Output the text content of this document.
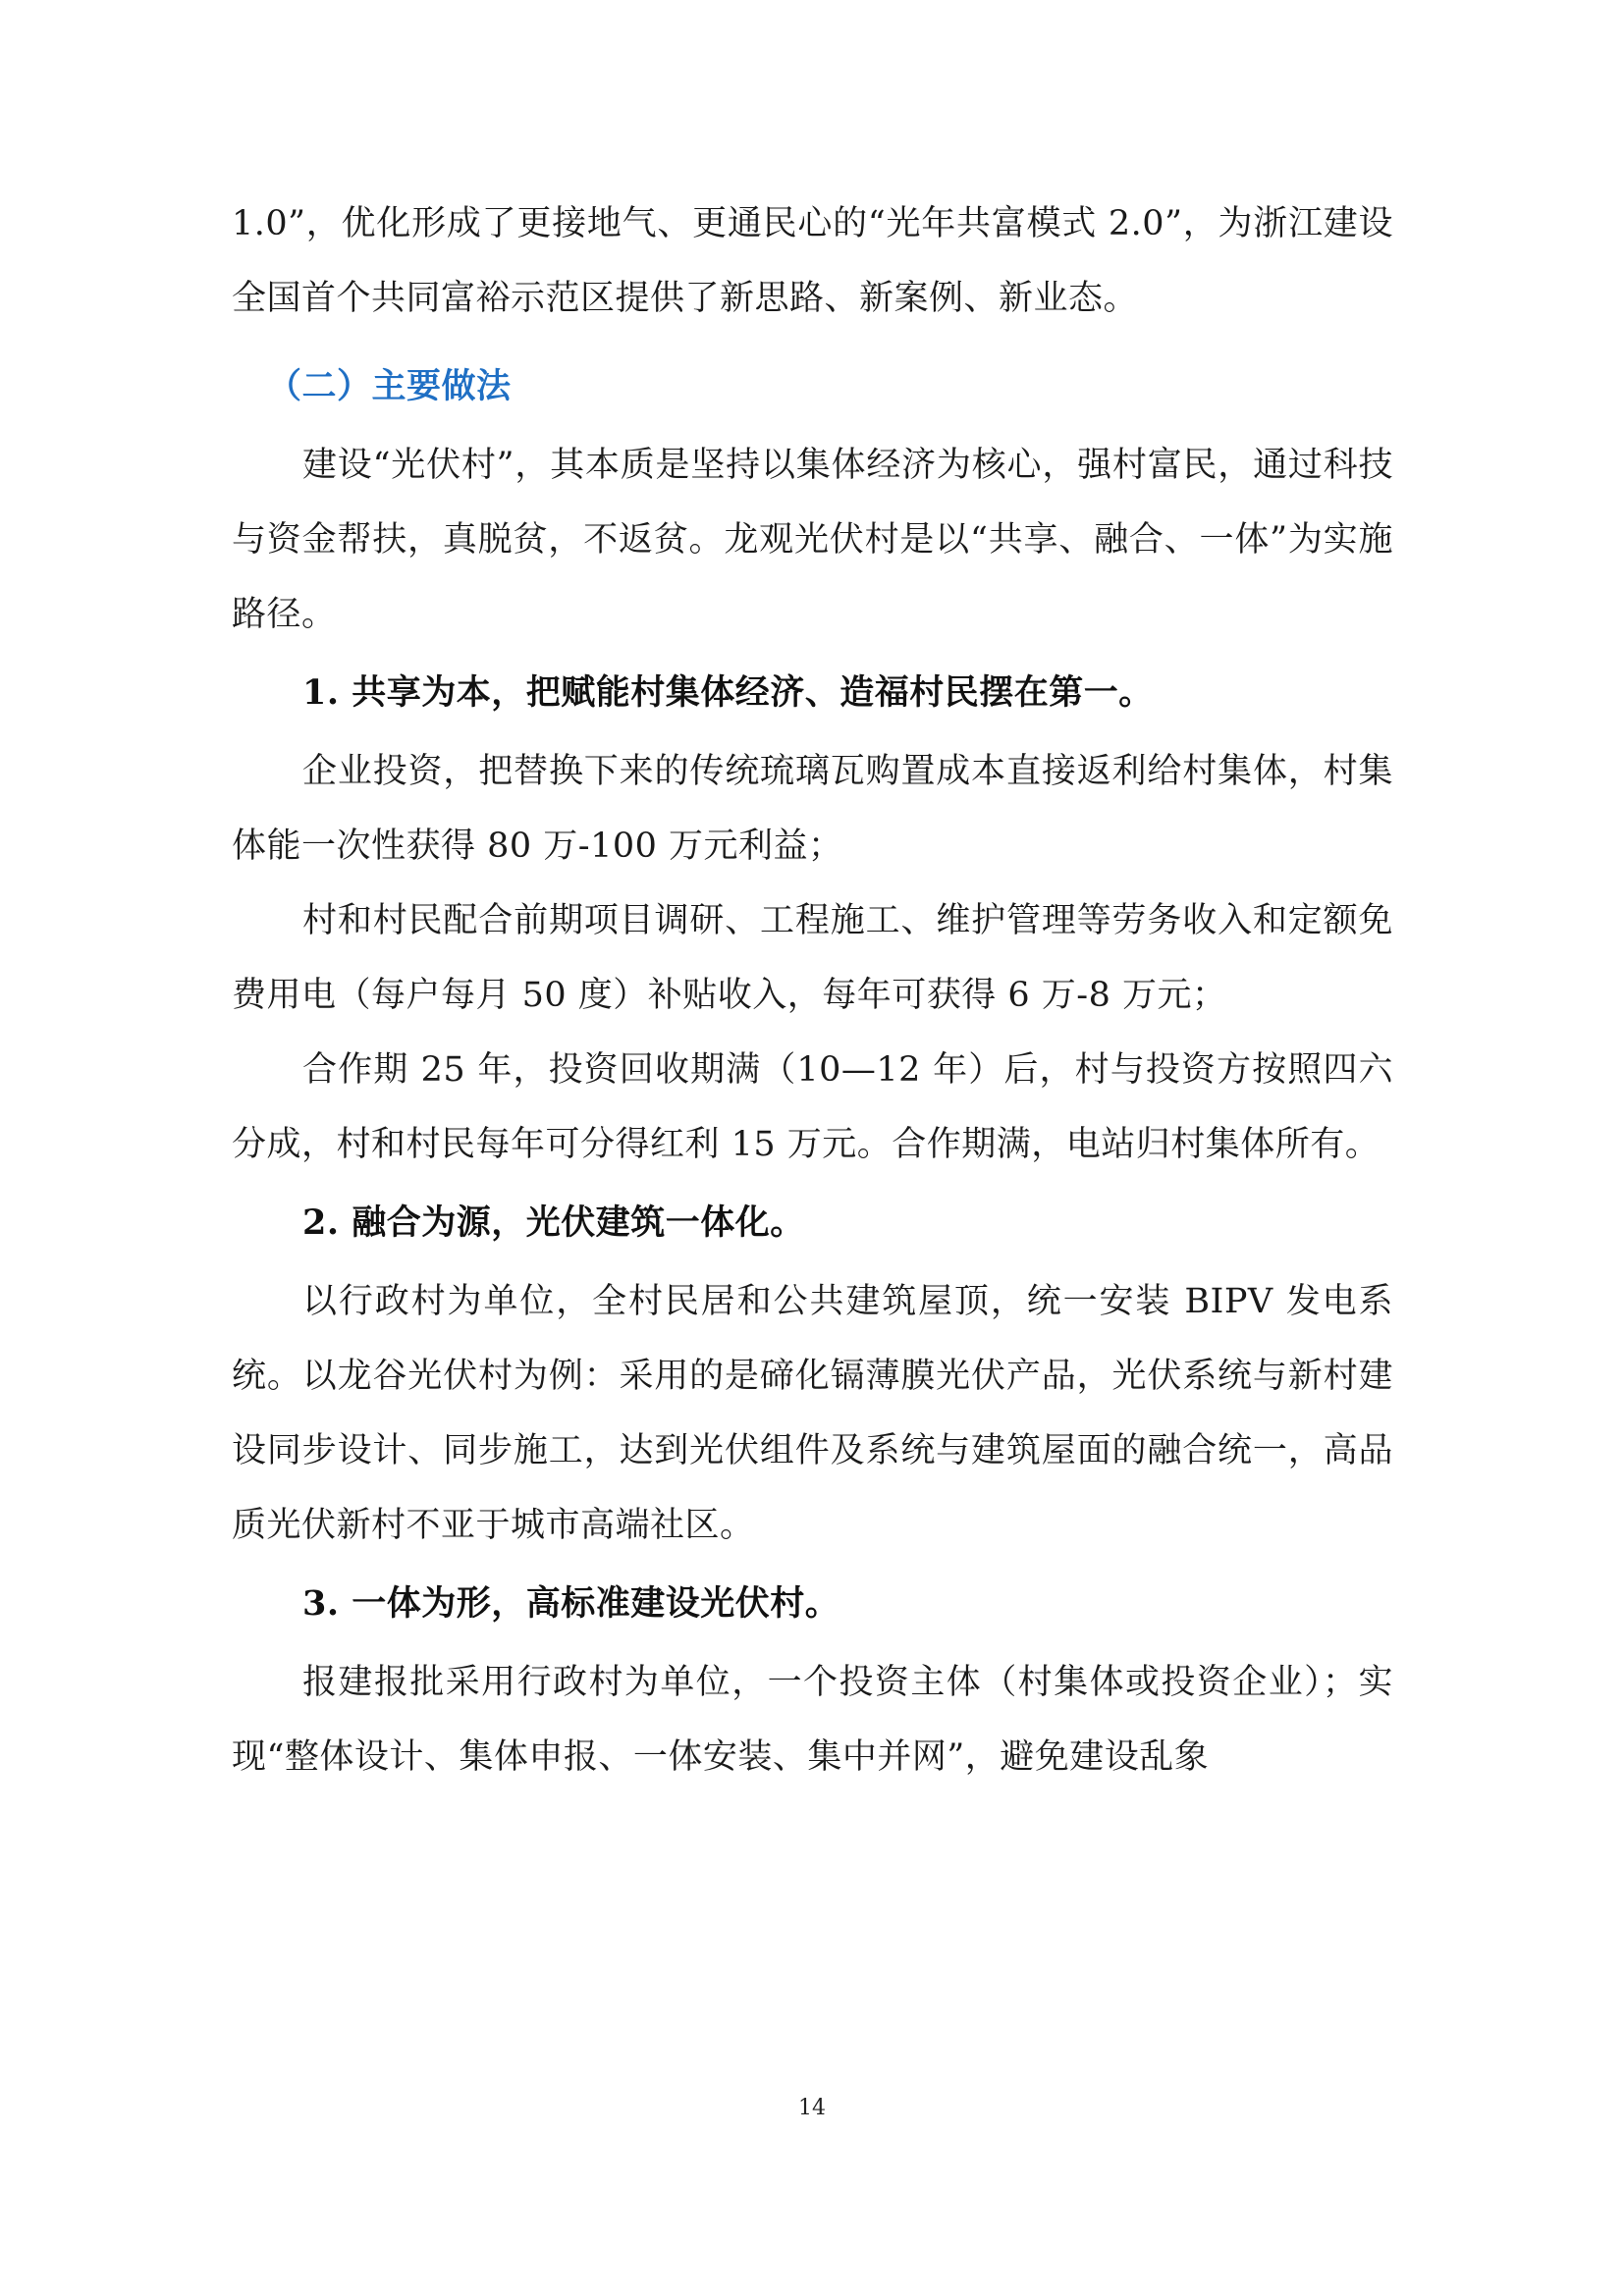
1.0”，优化形成了更接地气、更通民心的“光年共富模式 2.0”，为浙江建设全国首个共同富裕示范区提供了新思路、新案例、新业态。

（二）主要做法

建设“光伏村”，其本质是坚持以集体经济为核心，强村富民，通过科技与资金帮扶，真脱贫，不返贫。龙观光伏村是以“共享、融合、一体”为实施路径。

1. 共享为本，把赋能村集体经济、造福村民摆在第一。

企业投资，把替换下来的传统琉璃瓦购置成本直接返利给村集体，村集体能一次性获得 80 万-100 万元利益；

村和村民配合前期项目调研、工程施工、维护管理等劳务收入和定额免费用电（每户每月 50 度）补贴收入，每年可获得 6 万-8 万元；

合作期 25 年，投资回收期满（10—12 年）后，村与投资方按照四六分成，村和村民每年可分得红利 15 万元。合作期满，电站归村集体所有。

2. 融合为源，光伏建筑一体化。

以行政村为单位，全村民居和公共建筑屋顶，统一安装 BIPV 发电系统。以龙谷光伏村为例：采用的是碲化镉薄膜光伏产品，光伏系统与新村建设同步设计、同步施工，达到光伏组件及系统与建筑屋面的融合统一，高品质光伏新村不亚于城市高端社区。

3. 一体为形，高标准建设光伏村。

报建报批采用行政村为单位，一个投资主体（村集体或投资企业）；实现“整体设计、集体申报、一体安装、集中并网”，避免建设乱象

14
